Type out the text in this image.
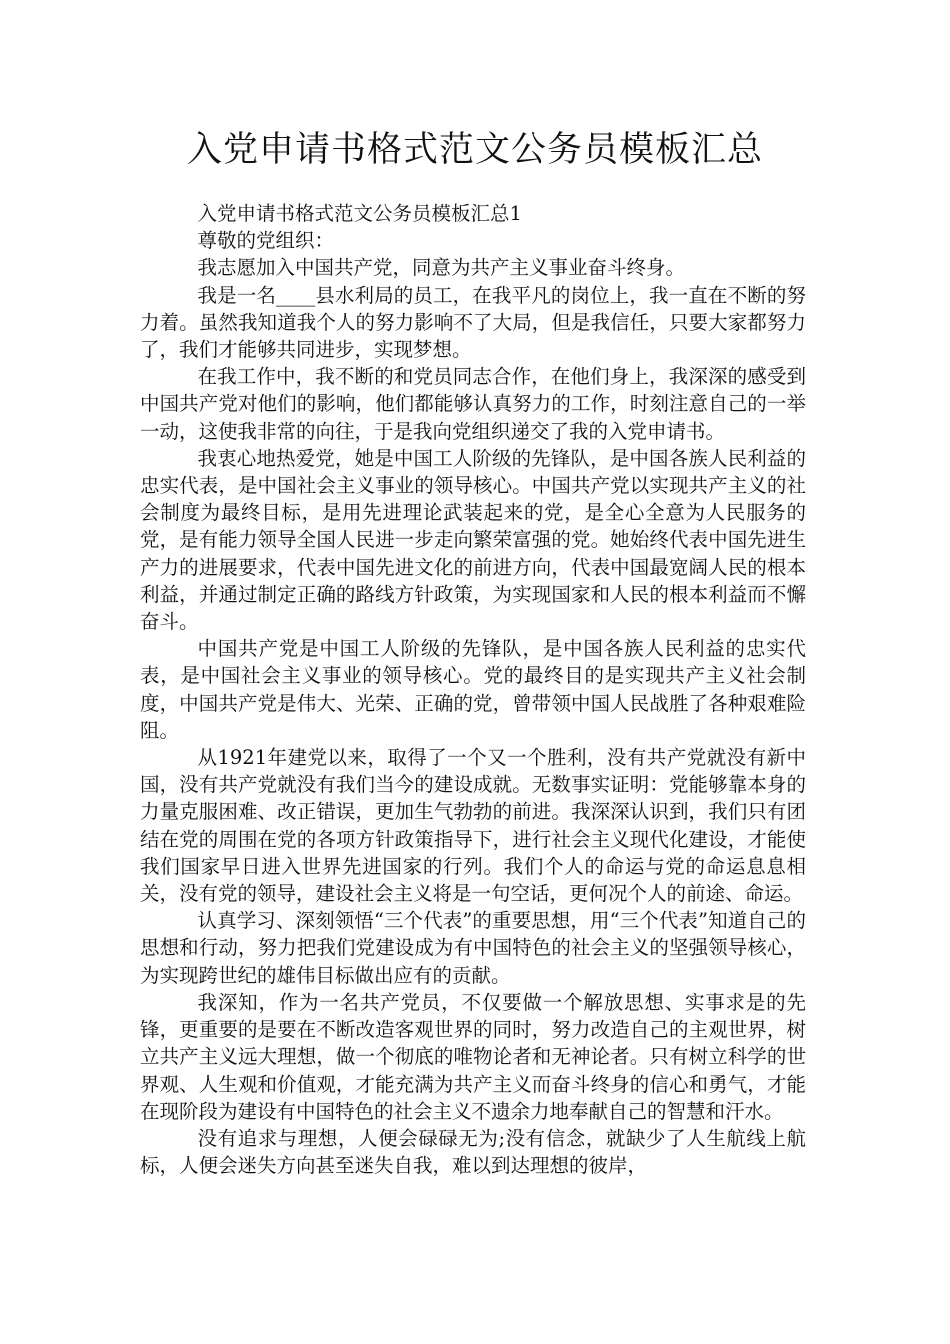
入党申请书格式范文公务员模板汇总

入党申请书格式范文公务员模板汇总1

尊敬的党组织：

我志愿加入中国共产党，同意为共产主义事业奋斗终身。

我是一名____县水利局的员工，在我平凡的岗位上，我一直在不断的努力着。虽然我知道我个人的努力影响不了大局，但是我信任，只要大家都努力了，我们才能够共同进步，实现梦想。

在我工作中，我不断的和党员同志合作，在他们身上，我深深的感受到中国共产党对他们的影响，他们都能够认真努力的工作，时刻注意自己的一举一动，这使我非常的向往，于是我向党组织递交了我的入党申请书。

我衷心地热爱党，她是中国工人阶级的先锋队，是中国各族人民利益的忠实代表，是中国社会主义事业的领导核心。中国共产党以实现共产主义的社会制度为最终目标，是用先进理论武装起来的党，是全心全意为人民服务的党，是有能力领导全国人民进一步走向繁荣富强的党。她始终代表中国先进生产力的进展要求，代表中国先进文化的前进方向，代表中国最宽阔人民的根本利益，并通过制定正确的路线方针政策，为实现国家和人民的根本利益而不懈奋斗。

中国共产党是中国工人阶级的先锋队，是中国各族人民利益的忠实代表，是中国社会主义事业的领导核心。党的最终目的是实现共产主义社会制度，中国共产党是伟大、光荣、正确的党，曾带领中国人民战胜了各种艰难险阻。

从1921年建党以来，取得了一个又一个胜利，没有共产党就没有新中国，没有共产党就没有我们当今的建设成就。无数事实证明：党能够靠本身的力量克服困难、改正错误，更加生气勃勃的前进。我深深认识到，我们只有团结在党的周围在党的各项方针政策指导下，进行社会主义现代化建设，才能使我们国家早日进入世界先进国家的行列。我们个人的命运与党的命运息息相关，没有党的领导，建设社会主义将是一句空话，更何况个人的前途、命运。

认真学习、深刻领悟“三个代表”的重要思想，用“三个代表”知道自己的思想和行动，努力把我们党建设成为有中国特色的社会主义的坚强领导核心，为实现跨世纪的雄伟目标做出应有的贡献。

我深知，作为一名共产党员，不仅要做一个解放思想、实事求是的先锋，更重要的是要在不断改造客观世界的同时，努力改造自己的主观世界，树立共产主义远大理想，做一个彻底的唯物论者和无神论者。只有树立科学的世界观、人生观和价值观，才能充满为共产主义而奋斗终身的信心和勇气，才能在现阶段为建设有中国特色的社会主义不遗余力地奉献自己的智慧和汗水。

没有追求与理想，人便会碌碌无为;没有信念，就缺少了人生航线上航标，人便会迷失方向甚至迷失自我，难以到达理想的彼岸，
